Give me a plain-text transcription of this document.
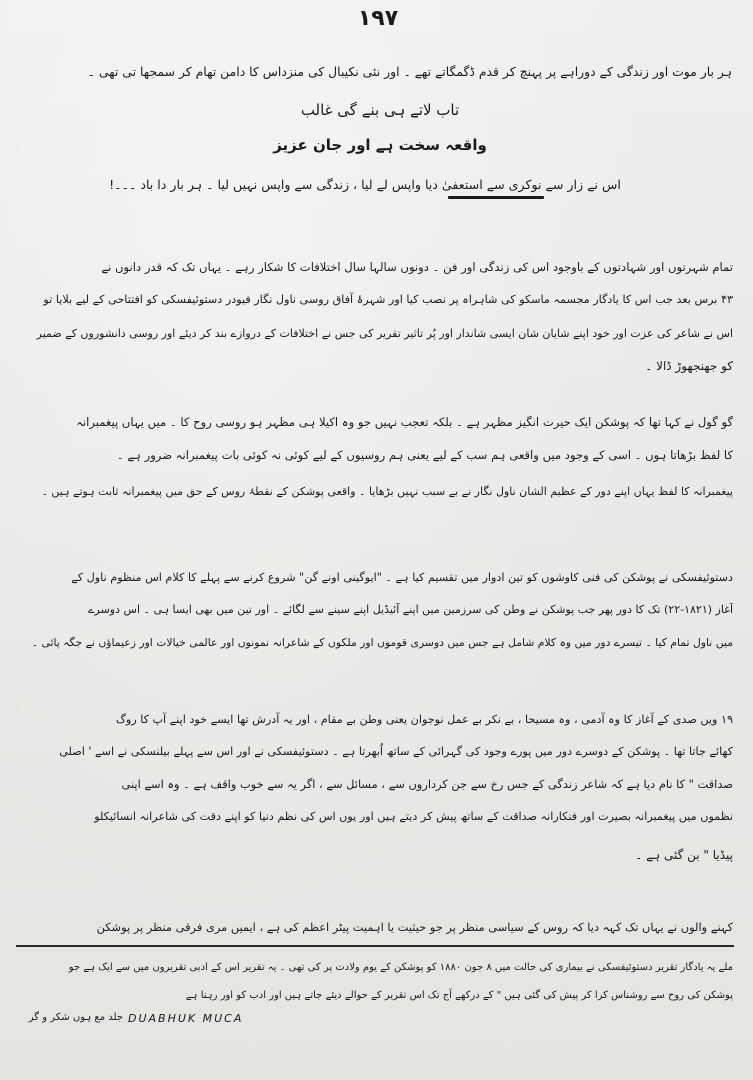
۱۹۷
ہر بار موت اور زندگی کے دوراہے پر پہنچ کر قدم ڈگمگاتے تھے ۔ اور نئی نکیبال کی منزداس کا دامن تھام کر سمجھا تی تھی ۔
تاب لاتے ہی بنے گی غالب
واقعہ سخت ہے اور جان عزیز
اس نے زار سے نوکری سے استعفیٰ دیا واپس لے لیا ، زندگی سے واپس نہیں لیا ۔ ہر بار دا باد ۔۔۔!
تمام شہرتوں اور شہادتوں کے باوجود اس کی زندگی اور فن ۔ دونوں سالہا سال اختلافات کا شکار رہے ۔ یہاں تک کہ قدر دانوں نے
۴۳ برس بعد جب اس کا یادگار مجسمہ ماسکو کی شاہراہ پر نصب کیا اور شہرۂ آفاق روسی ناول نگار فیودر دستوئیفسکی کو افتتاحی کے لیے بلایا تو
اس نے شاعر کی عزت اور خود اپنے شایان شان ایسی شاندار اور پُر تاثیر تقریر کی جس نے اختلافات کے دروازے بند کر دیئے اور روسی دانشوروں کے ضمیر
کو جھنجھوڑ ڈالا ۔
گو گول نے کہا تھا کہ پوشکن ایک حیرت انگیز مظہر ہے ۔ بلکہ تعجب نہیں جو وہ اکیلا ہی مظہر ہو روسی روح کا ۔ میں یہاں پیغمبرانہ
کا لفظ بڑھاتا ہوں ۔ اسی کے وجود میں واقعی ہم سب کے لیے یعنی ہم روسیوں کے لیے کوئی نہ کوئی بات پیغمبرانہ ضرور ہے ۔
پیغمبرانہ کا لفظ یہاں اپنے دور کے عظیم الشان ناول نگار نے بے سبب نہیں بڑھایا ۔ واقعی پوشکن کے نقطۂ روس کے حق میں پیغمبرانہ ثابت ہوتے ہیں ۔
دستوئیفسکی نے پوشکن کی فنی کاوشوں کو تین ادوار میں تقسیم کیا ہے ۔ "ایوگینی اونے گن" شروع کرنے سے پہلے کا کلام اس منظوم ناول کے
آغاز (۱۸۲۱-۲۲) تک کا دور پھر جب پوشکن نے وطن کی سرزمین میں اپنے آئیڈیل اپنے سینے سے لگائے ۔ اور تین میں بھی ایسا ہی ۔ اس دوسرے
میں ناول تمام کیا ۔ تیسرے دور میں وہ کلام شامل ہے جس میں دوسری قوموں اور ملکوں کے شاعرانہ نمونوں اور عالمی خیالات اور زعیماؤں نے جگہ پائی ۔
۱۹ ویں صدی کے آغاز کا وہ آدمی ، وہ مسیحا ، بے نکر بے عمل نوجوان یعنی وطن بے مقام ، اور یہ آدرش تھا ایسے خود اپنے آپ کا روگ
کھائے جاتا تھا ۔ پوشکن کے دوسرے دور میں پورے وجود کی گہرائی کے ساتھ اُبھرتا ہے ۔ دستوئیفسکی نے اور اس سے پہلے بیلنسکی نے اسے ' اصلی
صداقت " کا نام دیا ہے کہ شاعر زندگی کے جس رخ سے جن کرداروں سے ، مسائل سے ، اگر یہ سے خوب واقف ہے ۔ وہ اسے اپنی
نظموں میں پیغمبرانہ بصیرت اور فنکارانہ صداقت کے ساتھ پیش کر دیتے ہیں اور یوں اس کی نظم دنیا کو اپنے دقت کی شاعرانہ انسائیکلو
پیڈیا " بن گئی ہے ۔
کہنے والوں نے یہاں تک کہہ دیا کہ روس کے سیاسی منظر پر جو حیثیت یا اہمیت پیٹر اعظم کی ہے ، ایمیں مری فرقی منظر پر پوشکن
ملے یہ یادگار تقریر دستوئیفسکی نے بیماری کی حالت میں ۸ جون ۱۸۸۰ کو پوشکن کے یوم ولادت پر کی تھی ۔ یہ تقریر اس کے ادبی تقریروں میں سے ایک ہے جو
پوشکن کی روح سے روشناس کرا کر پیش کی گئی ہیں " کے درکھے آج تک اس تقریر کے حوالے دیئے جاتے ہیں اور ادب کو اور رہنا ہے
DUABHUK MUCA
جلد مع ہوں شکر و گر
